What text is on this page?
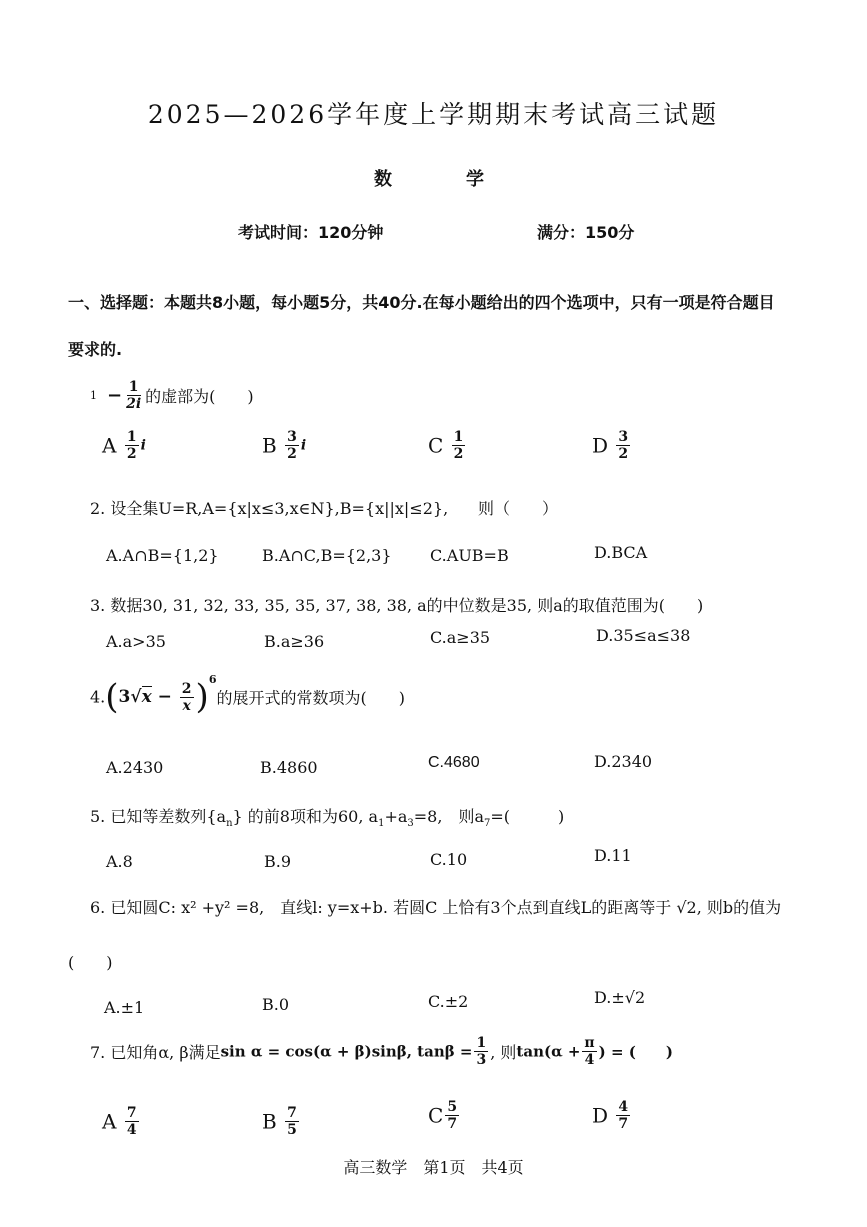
2025—2026学年度上学期期末考试高三试题
数	学
考试时间：120分钟	满分：150分
一、选择题：本题共8小题，每小题5分，共40分.在每小题给出的四个选项中，只有一项是符合题目
要求的.
$1 - \frac{1}{2i}$ 的虚部为(　　)
A $\frac{1}{2}$ i	B $\frac{3}{2}$ i	C $\frac{1}{2}$	D $\frac{3}{2}$
2. 设全集U=R,A={x|x≤3,x∈N},B={x||x|≤2}, 则（　　）
A.A∩B={1,2}	B.A∩C,B={2,3} C.AUB=B	D.BCA
3. 数据30, 31, 32, 33, 35, 35, 37, 38, 38, a的中位数是35, 则a的取值范围为(　　)
A.a>35	B.a≥36	C.a≥35	D.35≤a≤38
$4.(3√x - \frac{2}{x} )^6$的展开式的常数项为(　　)
A.2430	B.4860	C.4680	D.2340
5. 已知等差数列$\{a_n\}$ 的前8项和为60, $a_1+a_3=8$,　则$a_7=$(　　　)
A.8	B.9	C.10	D.11
6. 已知圆C: x² +y² =8,　直线l: y=x+b. 若圆C 上恰有3个点到直线L的距离等于 √2, 则b的值为
(　　)
A.±1	B.0	C.±2	D.±√2
7. 已知角α, β满足sin α = cos(α + β)sinβ, $\tan\beta = \frac{1}{3}$ , 则$\tan(\alpha + \frac{\pi}{4}$ ) = (　　)
A $\frac{7}{4}$	B $\frac{7}{5}$	C $\frac{5}{7}$	D $\frac{4}{7}$
高三数学　第1页　共4页
